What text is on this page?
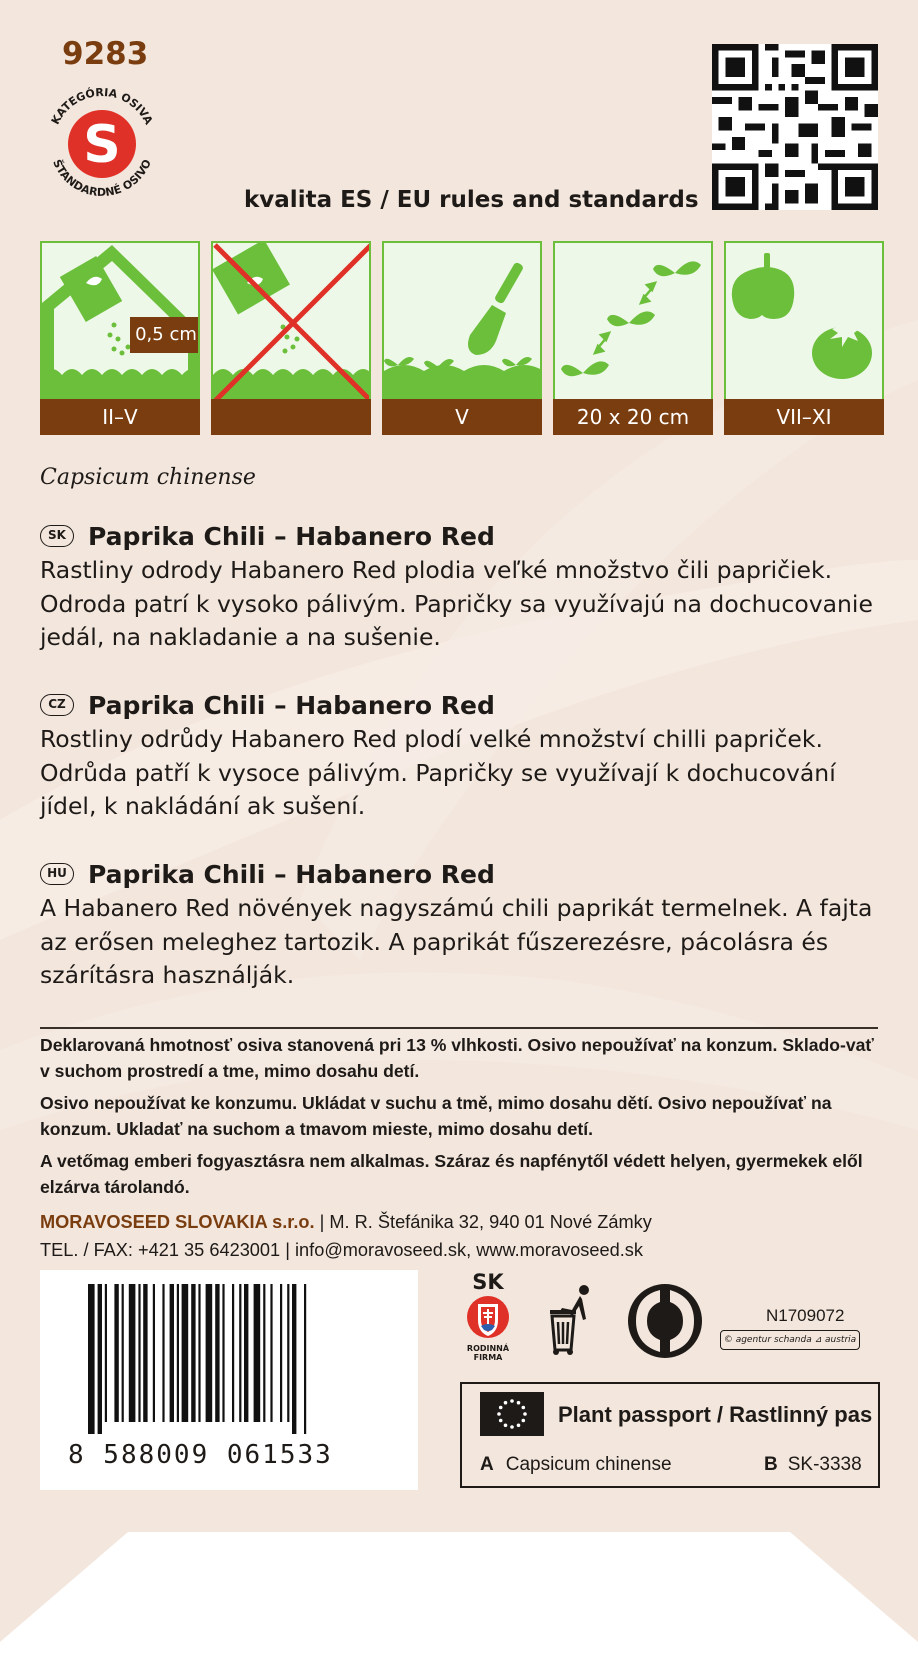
9283
S
KATEGÓRIA OSIVA
ŠTANDARDNÉ OSIVO
kvalita ES / EU rules and standards
0,5 cm
II–V	V	20 x 20 cm	VII–XI
Capsicum chinense
SK Paprika Chili – Habanero Red
Rastliny odrody Habanero Red plodia veľké množstvo čili papričiek.
Odroda patrí k vysoko pálivým. Papričky sa využívajú na dochucovanie
jedál, na nakladanie a na sušenie.
CZ Paprika Chili – Habanero Red
Rostliny odrůdy Habanero Red plodí velké množství chilli papriček.
Odrůda patří k vysoce pálivým. Papričky se využívají k dochucování
jídel, k nakládání ak sušení.
HU Paprika Chili – Habanero Red
A Habanero Red növények nagyszámú chili paprikát termelnek. A fajta
az erősen meleghez tartozik. A paprikát fűszerezésre, pácolásra és
szárításra használják.

Deklarovaná hmotnosť osiva stanovená pri 13 % vlhkosti. Osivo nepoužívať na konzum. Sklado-vať v suchom prostredí a tme, mimo dosahu detí.

Osivo nepoužívat ke konzumu. Ukládat v suchu a tmě, mimo dosahu dětí. Osivo nepoužívať na konzum. Ukladať na suchom a tmavom mieste, mimo dosahu detí.

A vetőmag emberi fogyasztásra nem alkalmas. Száraz és napfénytől védett helyen, gyermekek elől elzárva tárolandó.

MORAVOSEED SLOVAKIA s.r.o. | M. R. Štefánika 32, 940 01 Nové Zámky
TEL. / FAX: +421 35 6423001 | info@moravoseed.sk, www.moravoseed.sk
8 588009 061533
SK
RODINNÁ FIRMA
N1709072
© agentur schanda ⊿ austria
Plant passport / Rastlinný pas
A Capsicum chinense	B SK-3338
